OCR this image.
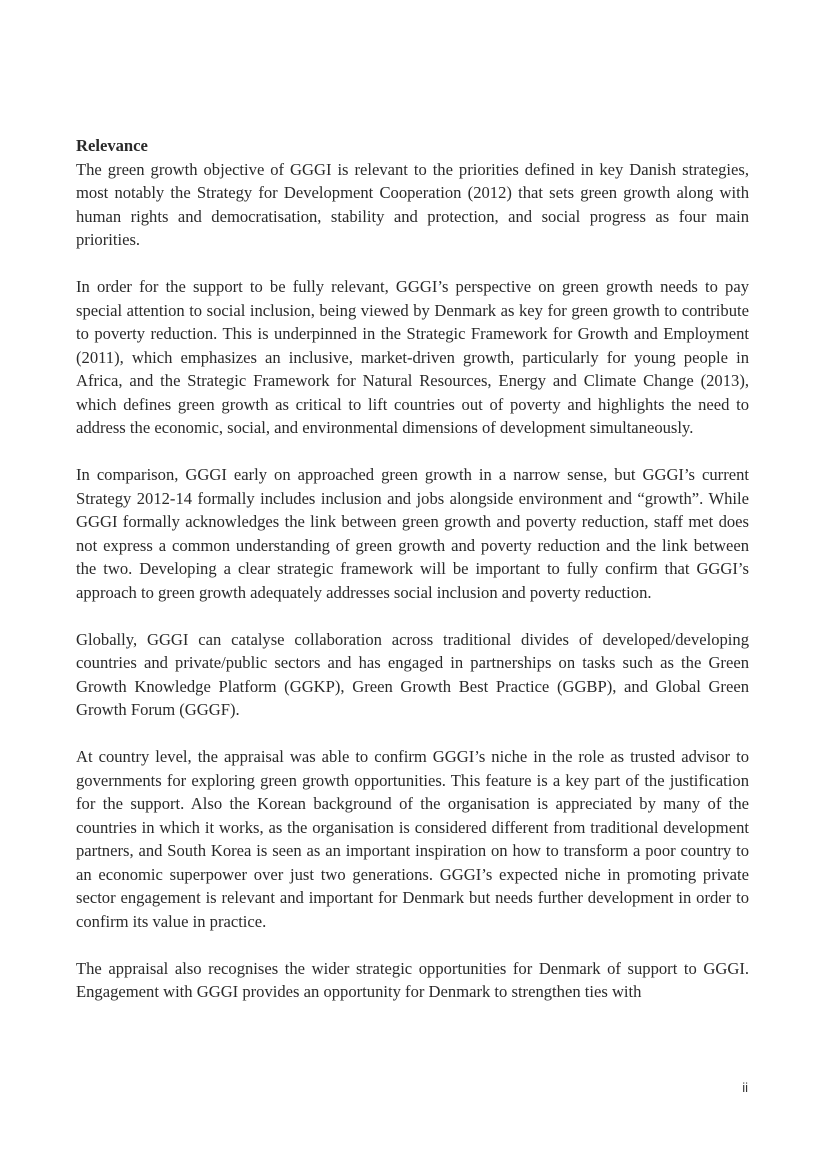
Relevance

The green growth objective of GGGI is relevant to the priorities defined in key Danish strategies, most notably the Strategy for Development Cooperation (2012) that sets green growth along with human rights and democratisation, stability and protection, and social progress as four main priorities.

In order for the support to be fully relevant, GGGI’s perspective on green growth needs to pay special attention to social inclusion, being viewed by Denmark as key for green growth to contribute to poverty reduction. This is underpinned in the Strategic Framework for Growth and Employment (2011), which emphasizes an inclusive, market-driven growth, particularly for young people in Africa, and the Strategic Framework for Natural Resources, Energy and Climate Change (2013), which defines green growth as critical to lift countries out of poverty and highlights the need to address the economic, social, and environmental dimensions of development simultaneously.

In comparison, GGGI early on approached green growth in a narrow sense, but GGGI’s current Strategy 2012-14 formally includes inclusion and jobs alongside environment and “growth”. While GGGI formally acknowledges the link between green growth and poverty reduction, staff met does not express a common understanding of green growth and poverty reduction and the link between the two. Developing a clear strategic framework will be important to fully confirm that GGGI’s approach to green growth adequately addresses social inclusion and poverty reduction.

Globally, GGGI can catalyse collaboration across traditional divides of developed/developing countries and private/public sectors and has engaged in partnerships on tasks such as the Green Growth Knowledge Platform (GGKP), Green Growth Best Practice (GGBP), and Global Green Growth Forum (GGGF).

At country level, the appraisal was able to confirm GGGI’s niche in the role as trusted advisor to governments for exploring green growth opportunities. This feature is a key part of the justification for the support. Also the Korean background of the organisation is appreciated by many of the countries in which it works, as the organisation is considered different from traditional development partners, and South Korea is seen as an important inspiration on how to transform a poor country to an economic superpower over just two generations. GGGI’s expected niche in promoting private sector engagement is relevant and important for Denmark but needs further development in order to confirm its value in practice.

The appraisal also recognises the wider strategic opportunities for Denmark of support to GGGI. Engagement with GGGI provides an opportunity for Denmark to strengthen ties with

ii
